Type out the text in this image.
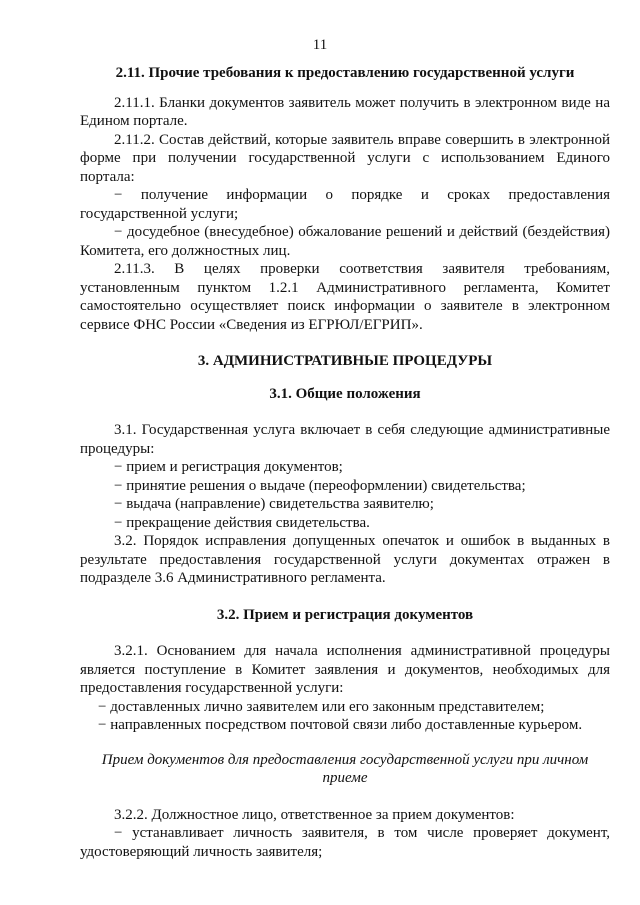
11
2.11. Прочие требования к предоставлению государственной услуги

2.11.1. Бланки документов заявитель может получить в электронном виде на Едином портале.

2.11.2. Состав действий, которые заявитель вправе совершить в электронной форме при получении государственной услуги с использованием Единого портала:

− получение информации о порядке и сроках предоставления государственной услуги;

− досудебное (внесудебное) обжалование решений и действий (бездействия) Комитета, его должностных лиц.

2.11.3. В целях проверки соответствия заявителя требованиям, установленным пунктом 1.2.1 Административного регламента, Комитет самостоятельно осуществляет поиск информации о заявителе в электронном сервисе ФНС России «Сведения из ЕГРЮЛ/ЕГРИП».

3. АДМИНИСТРАТИВНЫЕ ПРОЦЕДУРЫ
3.1. Общие положения

3.1. Государственная услуга включает в себя следующие административные процедуры:

− прием и регистрация документов;

− принятие решения о выдаче (переоформлении) свидетельства;

− выдача (направление) свидетельства заявителю;

− прекращение действия свидетельства.

3.2. Порядок исправления допущенных опечаток и ошибок в выданных в результате предоставления государственной услуги документах отражен в подразделе 3.6 Административного регламента.

3.2. Прием и регистрация документов

3.2.1. Основанием для начала исполнения административной процедуры является поступление в Комитет заявления и документов, необходимых для предоставления государственной услуги:

− доставленных лично заявителем или его законным представителем;

− направленных посредством почтовой связи либо доставленные курьером.

Прием документов для предоставления государственной услуги при личном
приеме

3.2.2. Должностное лицо, ответственное за прием документов:

− устанавливает личность заявителя, в том числе проверяет документ, удостоверяющий личность заявителя;
